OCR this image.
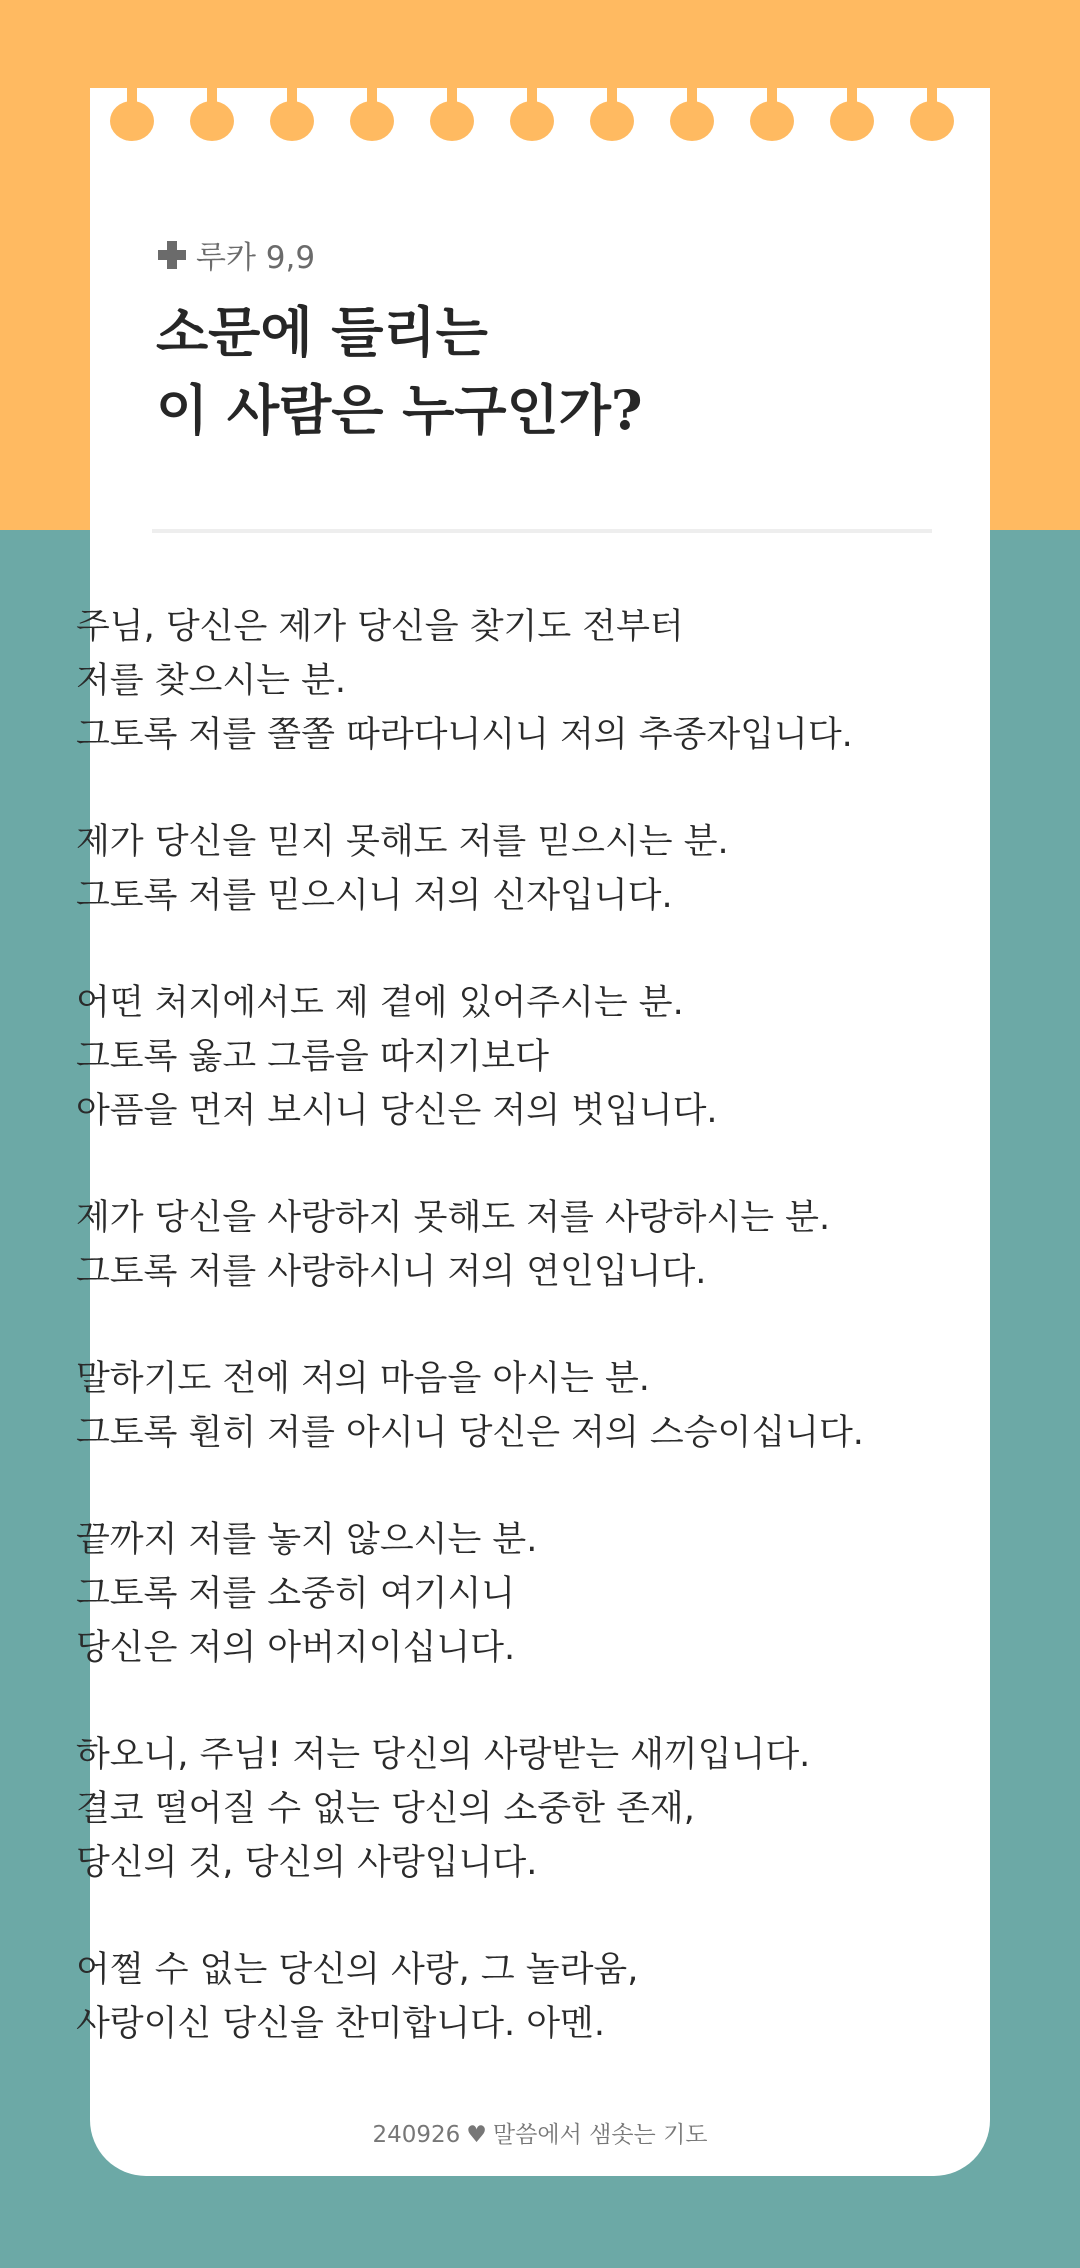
루카 9,9
소문에 들리는
이 사람은 누구인가?
240926 ♥ 말씀에서 샘솟는 기도

주님, 당신은 제가 당신을 찾기도 전부터
저를 찾으시는 분.
그토록 저를 쫄쫄 따라다니시니 저의 추종자입니다.

제가 당신을 믿지 못해도 저를 믿으시는 분.
그토록 저를 믿으시니 저의 신자입니다.

어떤 처지에서도 제 곁에 있어주시는 분.
그토록 옳고 그름을 따지기보다
아픔을 먼저 보시니 당신은 저의 벗입니다.

제가 당신을 사랑하지 못해도 저를 사랑하시는 분.
그토록 저를 사랑하시니 저의 연인입니다.

말하기도 전에 저의 마음을 아시는 분.
그토록 훤히 저를 아시니 당신은 저의 스승이십니다.

끝까지 저를 놓지 않으시는 분.
그토록 저를 소중히 여기시니
당신은 저의 아버지이십니다.

하오니, 주님! 저는 당신의 사랑받는 새끼입니다.
결코 떨어질 수 없는 당신의 소중한 존재,
당신의 것, 당신의 사랑입니다.

어쩔 수 없는 당신의 사랑, 그 놀라움,
사랑이신 당신을 찬미합니다. 아멘.
